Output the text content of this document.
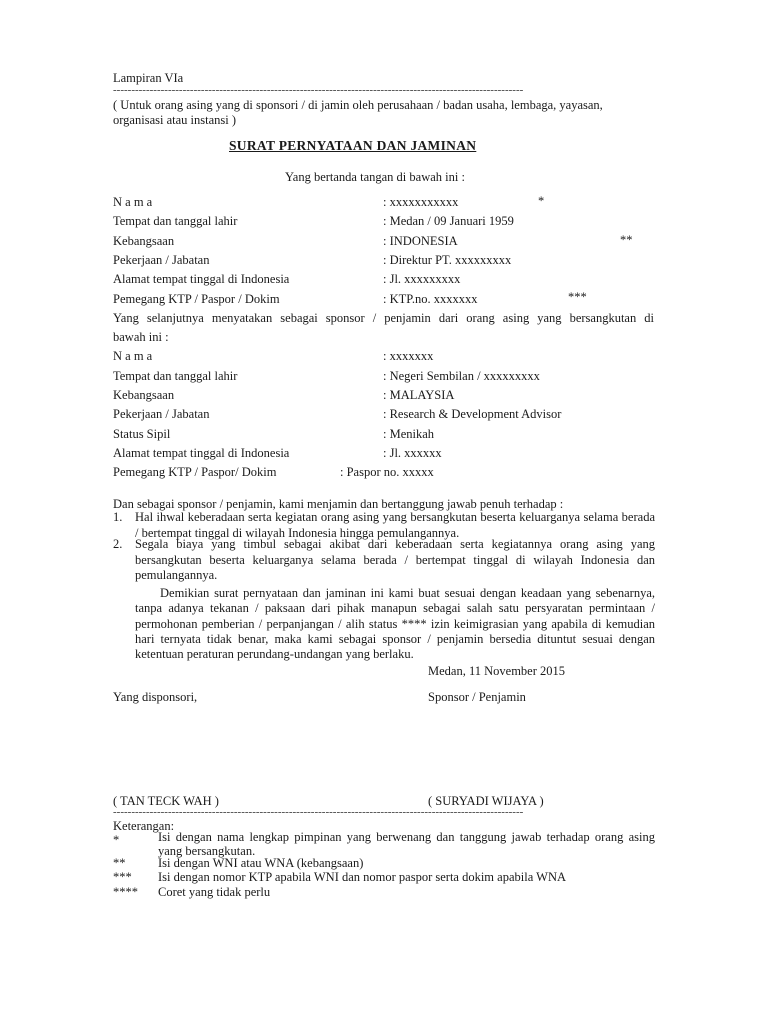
Lampiran VIa
----------------------------------------------------------------------------------------------------------------
( Untuk orang asing yang di sponsori / di jamin oleh perusahaan / badan usaha, lembaga, yayasan,
organisasi atau instansi )
SURAT PERNYATAAN DAN JAMINAN
Yang bertanda tangan di bawah ini :
N a m a	: xxxxxxxxxxx	*
Tempat dan tanggal lahir	: Medan / 09 Januari 1959
Kebangsaan	: INDONESIA	**
Pekerjaan / Jabatan	: Direktur PT. xxxxxxxxx
Alamat tempat tinggal di Indonesia	: Jl. xxxxxxxxx
Pemegang KTP / Paspor / Dokim	: KTP.no. xxxxxxx	***
Yang selanjutnya menyatakan sebagai sponsor / penjamin dari orang asing yang bersangkutan di
bawah ini :
N a m a	: xxxxxxx
Tempat dan tanggal lahir	: Negeri Sembilan / xxxxxxxxx
Kebangsaan	: MALAYSIA
Pekerjaan / Jabatan	: Research & Development Advisor
Status Sipil	: Menikah
Alamat tempat tinggal di Indonesia	: Jl. xxxxxx
Pemegang KTP / Paspor/ Dokim	: Paspor no. xxxxx
Dan sebagai sponsor / penjamin, kami menjamin dan bertanggung jawab penuh terhadap :
1. Hal ihwal keberadaan serta kegiatan orang asing yang bersangkutan beserta keluarganya selama berada / bertempat tinggal di wilayah Indonesia hingga pemulangannya.
2. Segala biaya yang timbul sebagai akibat dari keberadaan serta kegiatannya orang asing yang bersangkutan beserta keluarganya selama berada / bertempat tinggal di wilayah Indonesia dan pemulangannya.
Demikian surat pernyataan dan jaminan ini kami buat sesuai dengan keadaan yang sebenarnya, tanpa adanya tekanan / paksaan dari pihak manapun sebagai salah satu persyaratan permintaan / permohonan pemberian / perpanjangan / alih status **** izin keimigrasian yang apabila di kemudian hari ternyata tidak benar, maka kami sebagai sponsor / penjamin bersedia dituntut sesuai dengan ketentuan peraturan perundang-undangan yang berlaku.
Medan, 11 November 2015
Yang disponsori,	Sponsor / Penjamin
( TAN TECK WAH )	( SURYADI WIJAYA )
----------------------------------------------------------------------------------------------------------------
Keterangan:
*	Isi dengan nama lengkap pimpinan yang berwenang dan tanggung jawab terhadap orang asing yang bersangkutan.
**	Isi dengan WNI atau WNA (kebangsaan)
*** Isi dengan nomor KTP apabila WNI dan nomor paspor serta dokim apabila WNA
**** Coret yang tidak perlu
